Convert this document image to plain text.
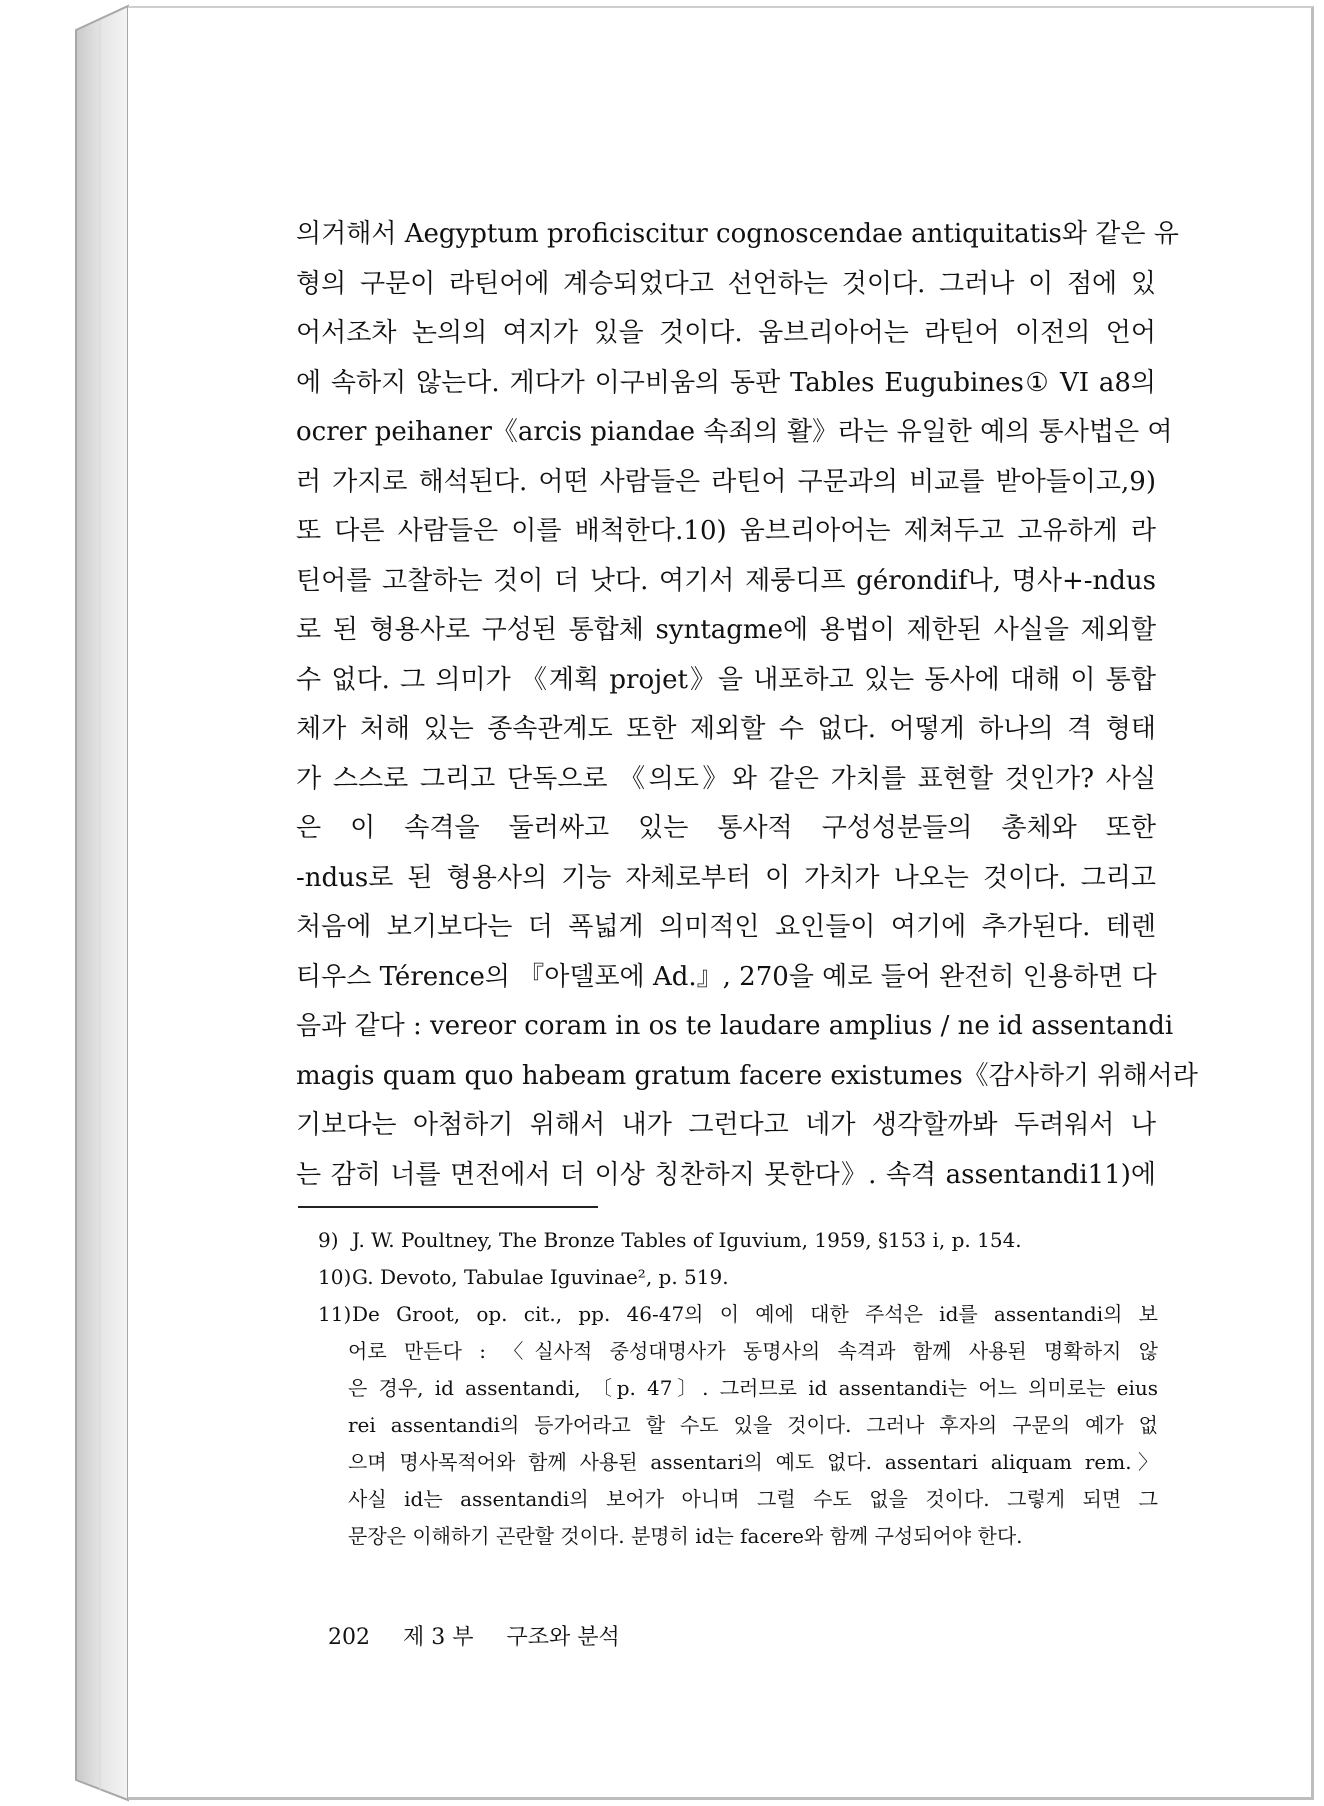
의거해서 Aegyptum proficiscitur cognoscendae antiquitatis와 같은 유
형의 구문이 라틴어에 계승되었다고 선언하는 것이다. 그러나 이 점에 있
어서조차 논의의 여지가 있을 것이다. 움브리아어는 라틴어 이전의 언어
에 속하지 않는다. 게다가 이구비움의 동판 Tables Eugubines① VI a8의
ocrer peihaner《arcis piandae 속죄의 활》라는 유일한 예의 통사법은 여
러 가지로 해석된다. 어떤 사람들은 라틴어 구문과의 비교를 받아들이고,9)
또 다른 사람들은 이를 배척한다.10) 움브리아어는 제쳐두고 고유하게 라
틴어를 고찰하는 것이 더 낫다. 여기서 제룽디프 gérondif나, 명사+-ndus
로 된 형용사로 구성된 통합체 syntagme에 용법이 제한된 사실을 제외할
수 없다. 그 의미가 《계획 projet》을 내포하고 있는 동사에 대해 이 통합
체가 처해 있는 종속관계도 또한 제외할 수 없다. 어떻게 하나의 격 형태
가 스스로 그리고 단독으로 《의도》와 같은 가치를 표현할 것인가? 사실
은 이 속격을 둘러싸고 있는 통사적 구성성분들의 총체와 또한
-ndus로 된 형용사의 기능 자체로부터 이 가치가 나오는 것이다. 그리고
처음에 보기보다는 더 폭넓게 의미적인 요인들이 여기에 추가된다. 테렌
티우스 Térence의 『아델포에 Ad.』, 270을 예로 들어 완전히 인용하면 다
음과 같다 : vereor coram in os te laudare amplius / ne id assentandi
magis quam quo habeam gratum facere existumes《감사하기 위해서라
기보다는 아첨하기 위해서 내가 그런다고 네가 생각할까봐 두려워서 나
는 감히 너를 면전에서 더 이상 칭찬하지 못한다》. 속격 assentandi11)에
9) J. W. Poultney, The Bronze Tables of Iguvium, 1959, §153 i, p. 154.
10)G. Devoto, Tabulae Iguvinae², p. 519.
11)De Groot, op. cit., pp. 46-47의 이 예에 대한 주석은 id를 assentandi의 보
어로 만든다 : 〈실사적 중성대명사가 동명사의 속격과 함께 사용된 명확하지 않
은 경우, id assentandi, 〔p. 47〕. 그러므로 id assentandi는 어느 의미로는 eius
rei assentandi의 등가어라고 할 수도 있을 것이다. 그러나 후자의 구문의 예가 없
으며 명사목적어와 함께 사용된 assentari의 예도 없다. assentari aliquam rem.〉
사실 id는 assentandi의 보어가 아니며 그럴 수도 없을 것이다. 그렇게 되면 그
문장은 이해하기 곤란할 것이다. 분명히 id는 facere와 함께 구성되어야 한다.
202 제 3 부 구조와 분석
